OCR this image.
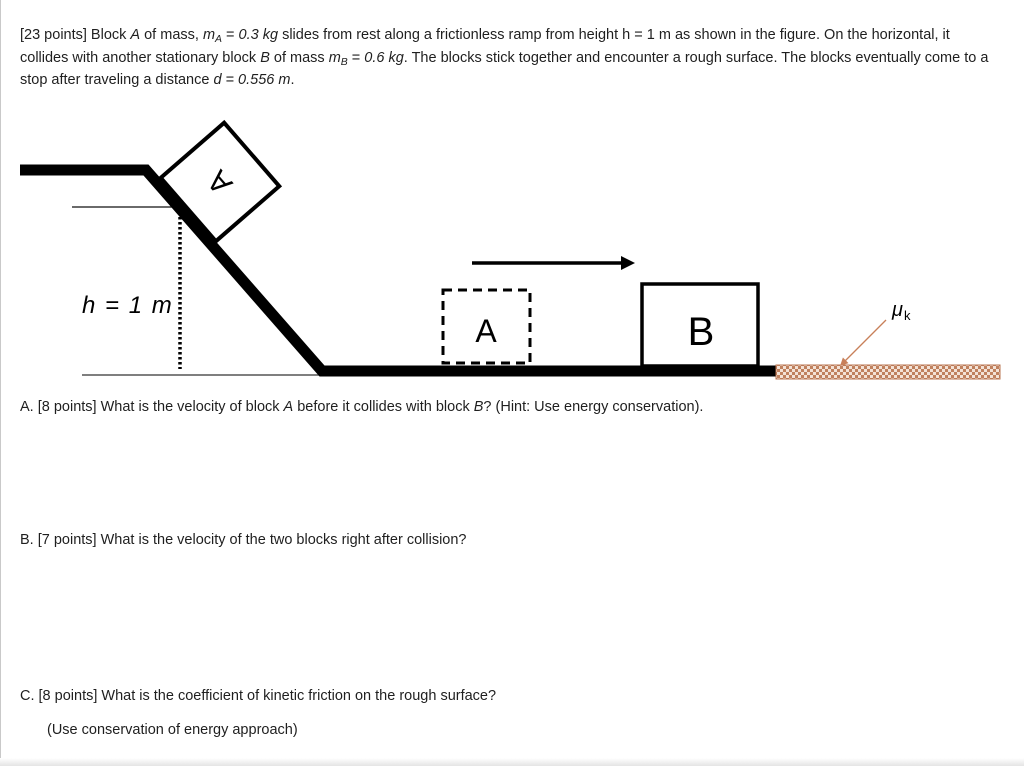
A
h = 1 m
A	B	μ k
[23 points] Block A of mass, $m_A = 0.3$ kg slides from rest along a frictionless ramp from height h = 1 m as shown in the figure. On the horizontal, it
collides with another stationary block B of mass $m_B = 0.6$ kg. The blocks stick together and encounter a rough surface. The blocks eventually come to a
stop after traveling a distance d = 0.556 m.
A. [8 points] What is the velocity of block A before it collides with block B? (Hint: Use energy conservation).
B. [7 points] What is the velocity of the two blocks right after collision?
C. [8 points] What is the coefficient of kinetic friction on the rough surface?
(Use conservation of energy approach)
